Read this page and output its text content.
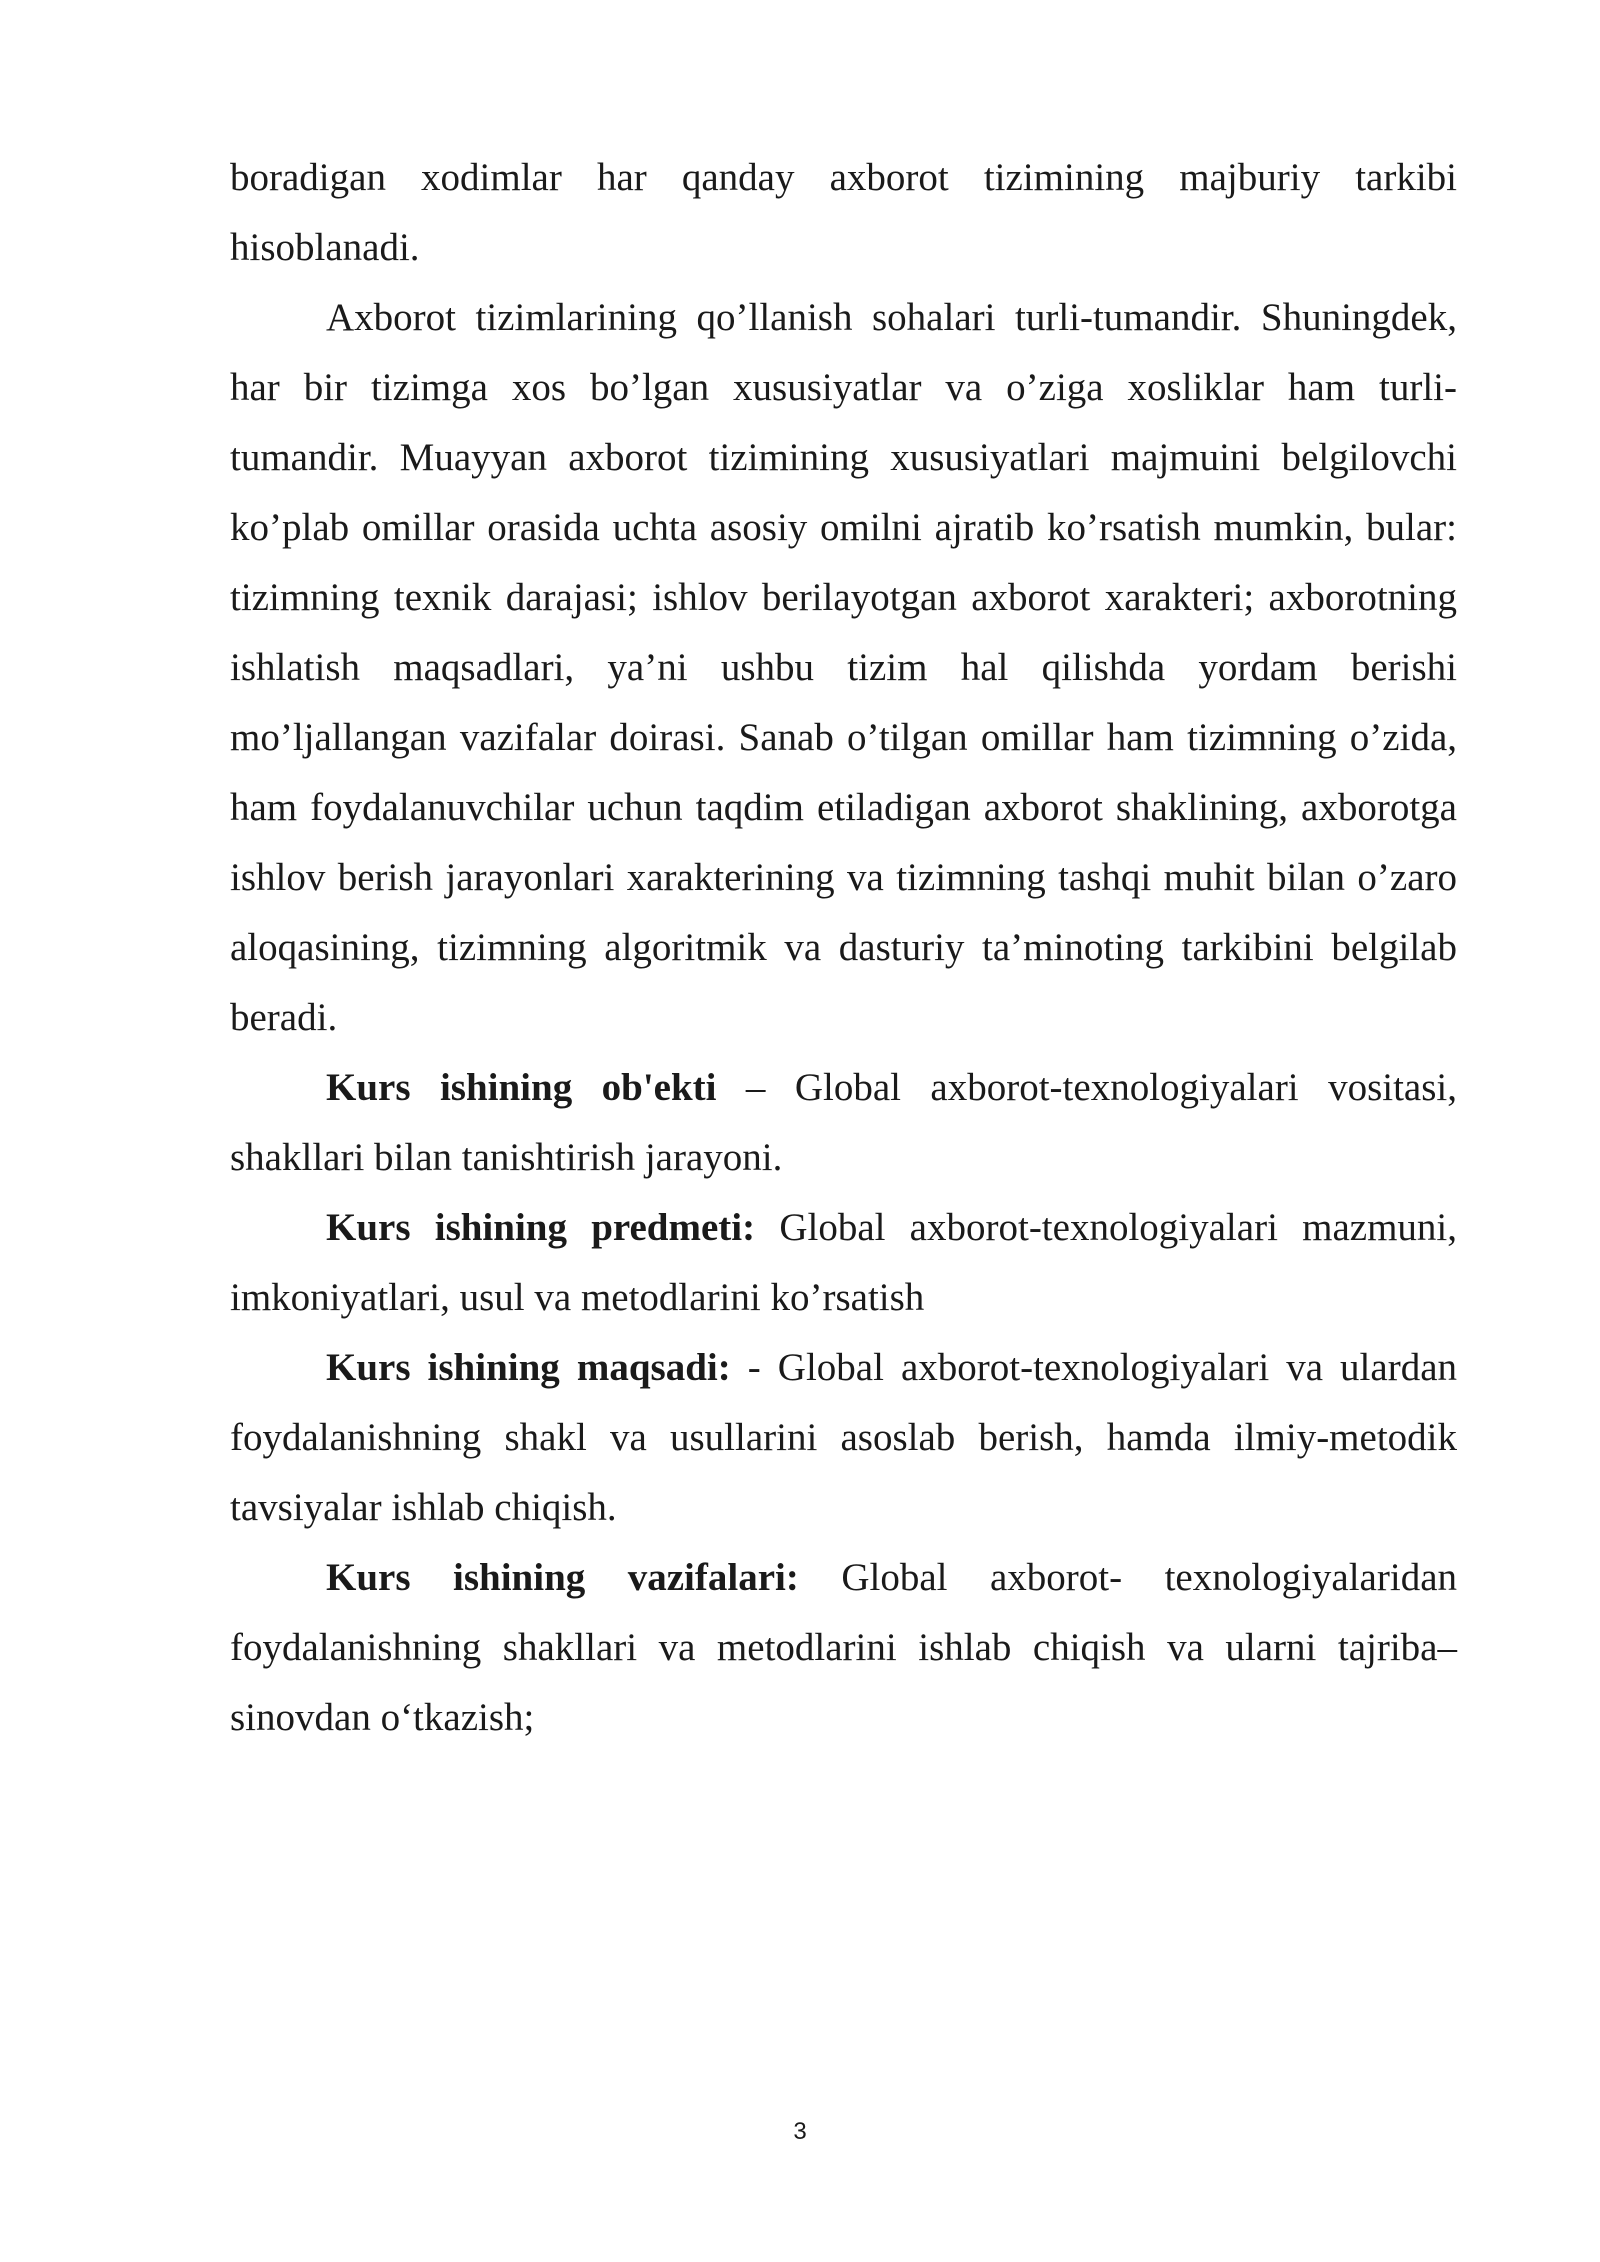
boradigan xodimlar har qanday axborot tizimining majburiy tarkibi hisoblanadi.

Axborot tizimlarining qo’llanish sohalari turli-tumandir. Shuningdek, har bir tizimga xos bo’lgan xususiyatlar va o’ziga xosliklar ham turli-tumandir. Muayyan axborot tizimining xususiyatlari majmuini belgilovchi ko’plab omillar orasida uchta asosiy omilni ajratib ko’rsatish mumkin, bular: tizimning texnik darajasi; ishlov berilayotgan axborot xarakteri; axborotning ishlatish maqsadlari, ya’ni ushbu tizim hal qilishda yordam berishi mo’ljallangan vazifalar doirasi. Sanab o’tilgan omillar ham tizimning o’zida, ham foydalanuvchilar uchun taqdim etiladigan axborot shaklining, axborotga ishlov berish jarayonlari xarakterining va tizimning tashqi muhit bilan o’zaro aloqasining, tizimning algoritmik va dasturiy ta’minoting tarkibini belgilab beradi.

Kurs ishining ob'ekti – Global axborot-texnologiyalari vositasi, shakllari bilan tanishtirish jarayoni.

Kurs ishining predmeti: Global axborot-texnologiyalari mazmuni, imkoniyatlari, usul va metodlarini ko’rsatish

Kurs ishining maqsadi: - Global axborot-texnologiyalari va ulardan foydalanishning shakl va usullarini asoslab berish, hamda ilmiy-metodik tavsiyalar ishlab chiqish.

Kurs ishining vazifalari: Global axborot- texnologiyalaridan foydalanishning shakllari va metodlarini ishlab chiqish va ularni tajriba–sinovdan o‘tkazish;

3
